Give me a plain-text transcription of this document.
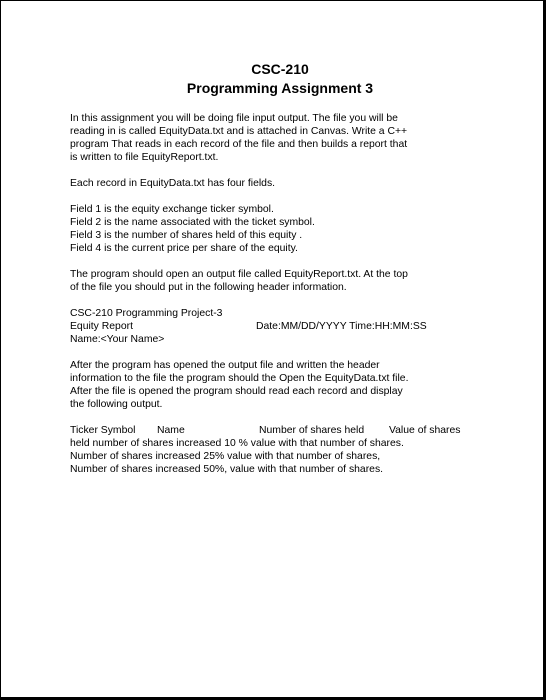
CSC-210

Programming Assignment 3

In this assignment you will be doing file input output. The file you will be
reading in is called EquityData.txt and is attached in Canvas. Write a C++
program That reads in each record of the file and then builds a report that
is written to file EquityReport.txt.
Each record in EquityData.txt has four fields.
Field 1 is the equity exchange ticker symbol.
Field 2 is the name associated with the ticket symbol.
Field 3 is the number of shares held of this equity .
Field 4 is the current price per share of the equity.
The program should open an output file called EquityReport.txt. At the top
of the file you should put in the following header information.
CSC-210 Programming Project-3
Equity Report	Date:MM/DD/YYYY Time:HH:MM:SS
Name:<Your Name>
After the program has opened the output file and written the header
information to the file the program should the Open the EquityData.txt file.
After the file is opened the program should read each record and display
the following output.
Ticker Symbol	Name	Number of shares held	Value of shares
held number of shares increased 10 % value with that number of shares.
Number of shares increased 25% value with that number of shares,
Number of shares increased 50%, value with that number of shares.
